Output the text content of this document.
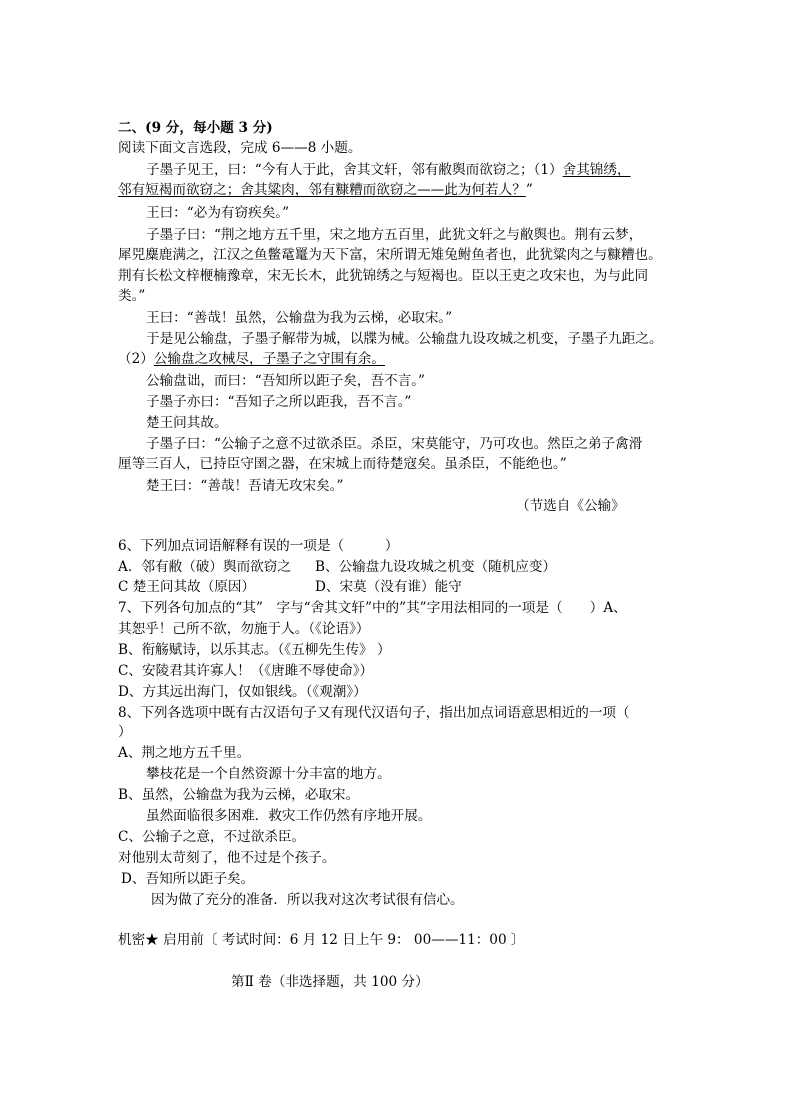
二、(9 分，每小题 3 分)
阅读下面文言选段，完成 6——8 小题。
子墨子见王，曰：“今有人于此，舍其文轩，邻有敝舆而欲窃之；（1）舍其锦绣，
邻有短褐而欲窃之；舍其粱肉，邻有糠糟而欲窃之——此为何若人？”
王曰：“必为有窃疾矣。”
子墨子曰：“荆之地方五千里，宋之地方五百里，此犹文轩之与敝舆也。荆有云梦，
犀兕麋鹿满之，江汉之鱼鳖鼋鼍为天下富，宋所谓无雉兔鲋鱼者也，此犹粱肉之与糠糟也。
荆有长松文梓楩楠豫章，宋无长木，此犹锦绣之与短褐也。臣以王吏之攻宋也，为与此同
类。”
王曰：“善哉！虽然，公输盘为我为云梯，必取宋。”
于是见公输盘，子墨子解带为城，以牒为械。公输盘九设攻城之机变，子墨子九距之。
（2）公输盘之攻械尽，子墨子之守围有余。
公输盘诎，而曰：“吾知所以距子矣，吾不言。”
子墨子亦曰：“吾知子之所以距我，吾不言。”
楚王问其故。
子墨子曰：“公输子之意不过欲杀臣。杀臣，宋莫能守，乃可攻也。然臣之弟子禽滑
厘等三百人，已持臣守圉之器，在宋城上而待楚寇矣。虽杀臣，不能绝也。”
楚王曰：“善哉！吾请无攻宋矣。”
（节选自《公输》
6、下列加点词语解释有误的一项是（　　　）
A．邻有敝（破）舆而欲窃之 B、公输盘九设攻城之机变（随机应变）
C 楚王问其故（原因）	D、宋莫（没有谁）能守
7、下列各句加点的“其”　字与“舍其文轩”中的”其”字用法相同的一项是（　　）A、
其恕乎！己所不欲，勿施于人。（《论语》）
B、衔觞赋诗，以乐其志。（《五柳先生传》 ）
C、安陵君其许寡人！（《唐雎不辱使命》）
D、方其远出海门，仅如银线。（《观潮》）
8、下列各选项中既有古汉语句子又有现代汉语句子，指出加点词语意思相近的一项（
）
A、荆之地方五千里。
攀枝花是一个自然资源十分丰富的地方。
B、虽然，公输盘为我为云梯，必取宋。
虽然面临很多困难．救灾工作仍然有序地开展。
C、公输子之意，不过欲杀臣。
对他别太苛刻了，他不过是个孩子。
D、吾知所以距子矣。
因为做了充分的准备．所以我对这次考试很有信心。
机密★ 启用前〔 考试时间：6 月 12 日上午 9： 00——11：00 〕
第Ⅱ 卷（非选择题，共 100 分）
